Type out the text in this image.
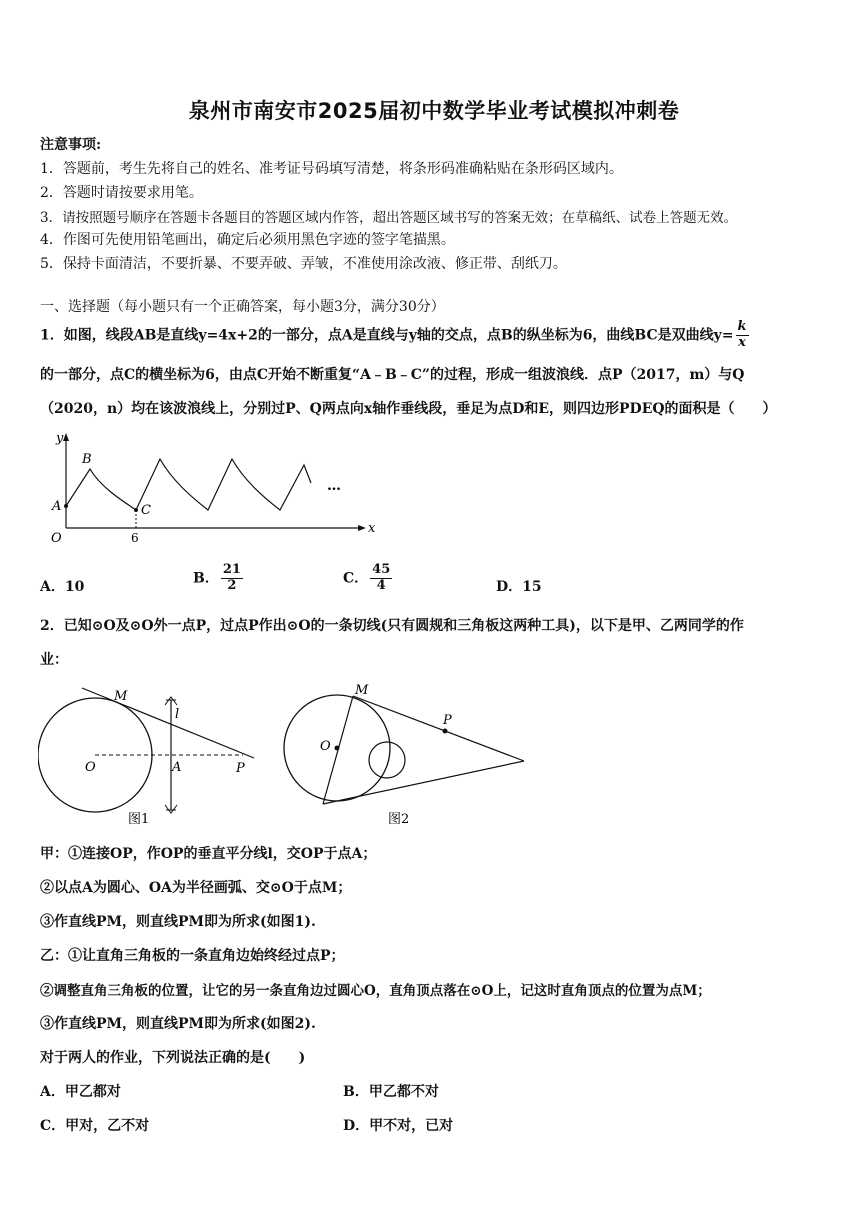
泉州市南安市2025届初中数学毕业考试模拟冲刺卷
注意事项:
1．答题前，考生先将自己的姓名、准考证号码填写清楚，将条形码准确粘贴在条形码区域内。
2．答题时请按要求用笔。
3．请按照题号顺序在答题卡各题目的答题区域内作答，超出答题区域书写的答案无效；在草稿纸、试卷上答题无效。
4．作图可先使用铅笔画出，确定后必须用黑色字迹的签字笔描黑。
5．保持卡面清洁，不要折暴、不要弄破、弄皱，不准使用涂改液、修正带、刮纸刀。
一、选择题（每小题只有一个正确答案，每小题3分，满分30分）
1．如图，线段AB是直线y=4x+2的一部分，点A是直线与y轴的交点，点B的纵坐标为6，曲线BC是双曲线$y= \frac{k}{x}$
的一部分，点C的横坐标为6，由点C开始不断重复“A﹣B﹣C”的过程，形成一组波浪线．点P（2017，m）与Q
（2020，n）均在该波浪线上，分别过P、Q两点向x轴作垂线段，垂足为点D和E，则四边形PDEQ的面积是（　　）
y
x
A
B
C
O	6
…
A．10
B． $\frac{21}{2}$	C． $\frac{45}{4}$	D．15
2．已知⊙O及⊙O外一点P，过点P作出⊙O的一条切线(只有圆规和三角板这两种工具)，以下是甲、乙两同学的作
业：
M
l
O	A	P
图1
M
P
O
图2
甲：①连接OP，作OP的垂直平分线l，交OP于点A；
②以点A为圆心、OA为半径画弧、交⊙O于点M；
③作直线PM，则直线PM即为所求(如图1).
乙：①让直角三角板的一条直角边始终经过点P；
②调整直角三角板的位置，让它的另一条直角边过圆心O，直角顶点落在⊙O上，记这时直角顶点的位置为点M；
③作直线PM，则直线PM即为所求(如图2).
对于两人的作业，下列说法正确的是(　　)
A．甲乙都对	B．甲乙都不对
C．甲对，乙不对	D．甲不对，已对
